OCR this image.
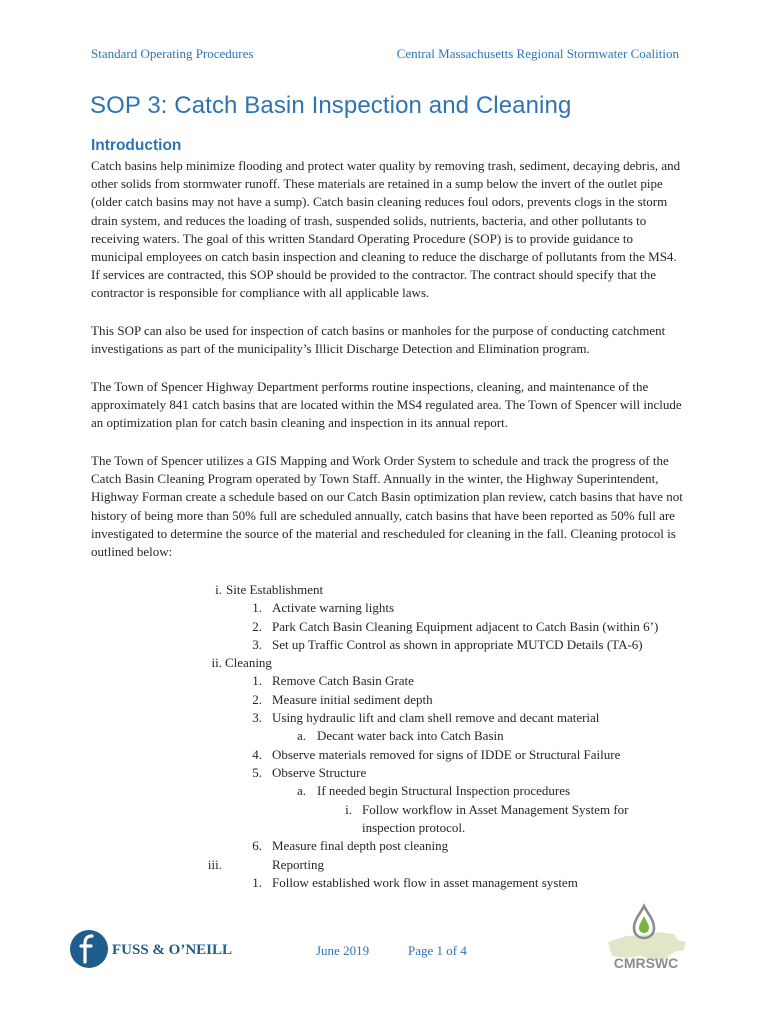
Standard Operating Procedures	Central Massachusetts Regional Stormwater Coalition
SOP 3: Catch Basin Inspection and Cleaning
Introduction

Catch basins help minimize flooding and protect water quality by removing trash, sediment, decaying debris, and other solids from stormwater runoff. These materials are retained in a sump below the invert of the outlet pipe (older catch basins may not have a sump). Catch basin cleaning reduces foul odors, prevents clogs in the storm drain system, and reduces the loading of trash, suspended solids, nutrients, bacteria, and other pollutants to receiving waters. The goal of this written Standard Operating Procedure (SOP) is to provide guidance to municipal employees on catch basin inspection and cleaning to reduce the discharge of pollutants from the MS4. If services are contracted, this SOP should be provided to the contractor. The contract should specify that the contractor is responsible for compliance with all applicable laws.

This SOP can also be used for inspection of catch basins or manholes for the purpose of conducting catchment investigations as part of the municipality’s Illicit Discharge Detection and Elimination program.

The Town of Spencer Highway Department performs routine inspections, cleaning, and maintenance of the approximately 841 catch basins that are located within the MS4 regulated area. The Town of Spencer will include an optimization plan for catch basin cleaning and inspection in its annual report.

The Town of Spencer utilizes a GIS Mapping and Work Order System to schedule and track the progress of the Catch Basin Cleaning Program operated by Town Staff. Annually in the winter, the Highway Superintendent, Highway Forman create a schedule based on our Catch Basin optimization plan review, catch basins that have not history of being more than 50% full are scheduled annually, catch basins that have been reported as 50% full are investigated to determine the source of the material and rescheduled for cleaning in the fall. Cleaning protocol is outlined below:

i. Site Establishment
1. Activate warning lights
2. Park Catch Basin Cleaning Equipment adjacent to Catch Basin (within 6’)
3. Set up Traffic Control as shown in appropriate MUTCD Details (TA-6)
ii. Cleaning
1. Remove Catch Basin Grate
2. Measure initial sediment depth
3. Using hydraulic lift and clam shell remove and decant material
a. Decant water back into Catch Basin
4. Observe materials removed for signs of IDDE or Structural Failure
5. Observe Structure
a. If needed begin Structural Inspection procedures
i. Follow workflow in Asset Management System for
inspection protocol.
6. Measure final depth post cleaning
iii.	Reporting
1. Follow established work flow in asset management system
FUSS & O’NEILL	June 2019	Page 1 of 4
CMRSWC
